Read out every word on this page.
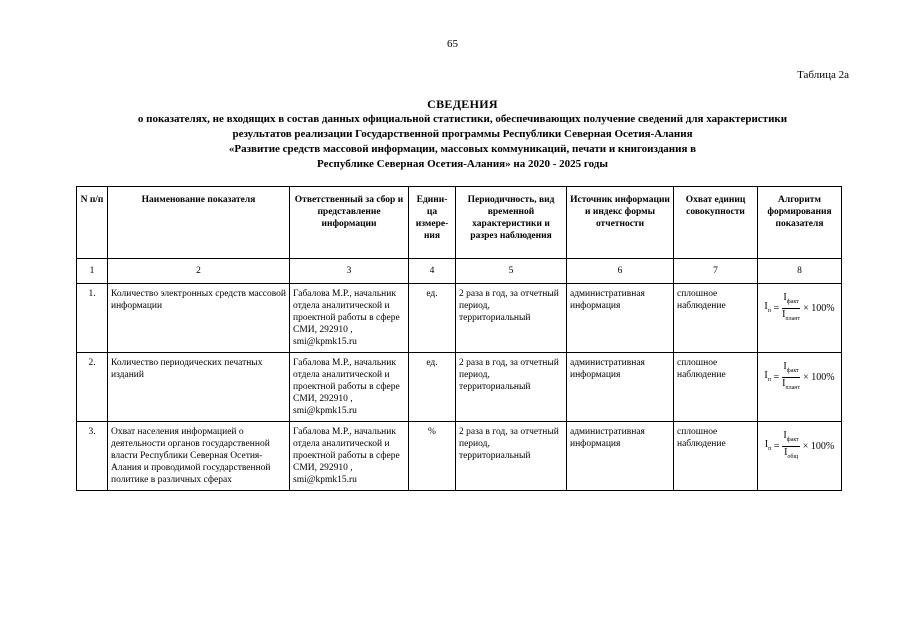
65
Таблица 2а
СВЕДЕНИЯ
о показателях, не входящих в состав данных официальной статистики, обеспечивающих получение сведений для характеристики
результатов реализации Государственной программы Республики Северная Осетия-Алания
«Развитие средств массовой информации, массовых коммуникаций, печати и книгоиздания в
Республике Северная Осетия-Алания» на 2020 - 2025 годы
N п/п	Наименование показателя	Ответственный за сбор и представление информации	Едини-ца измере-ния	Периодичность, вид временной характеристики и разрез наблюдения	Источник информации и индекс формы отчетности	Охват единиц совокупности	Алгоритм формирования показателя
1	2	3	4	5	6	7	8
1.	Количество электронных средств массовой информации	Габалова М.Р., начальник отдела аналитической и проектной работы в сфере СМИ, 292910 , smi@kpmk15.ru	ед.	2 раза в год, за отчетный период, территориальный	административная информация	сплошное наблюдение	$I_п = \frac{I_{факт}}{I_{плант}} \times 100\%$

2.	Количество периодических печатных изданий	Габалова М.Р., начальник отдела аналитической и проектной работы в сфере СМИ, 292910 , smi@kpmk15.ru	ед.	2 раза в год, за отчетный период, территориальный	административная информация	сплошное наблюдение	$I_п = \frac{I_{факт}}{I_{плант}} \times 100\%$

3.	Охват населения информацией о деятельности органов государственной власти Республики Северная Осетия-Алания и проводимой государственной политике в различных сферах	Габалова М.Р., начальник отдела аналитической и проектной работы в сфере СМИ, 292910 , smi@kpmk15.ru	%	2 раза в год, за отчетный период, территориальный	административная информация	сплошное наблюдение	$I_п = \frac{I_{факт}}{I_{общ}} \times 100\%$
